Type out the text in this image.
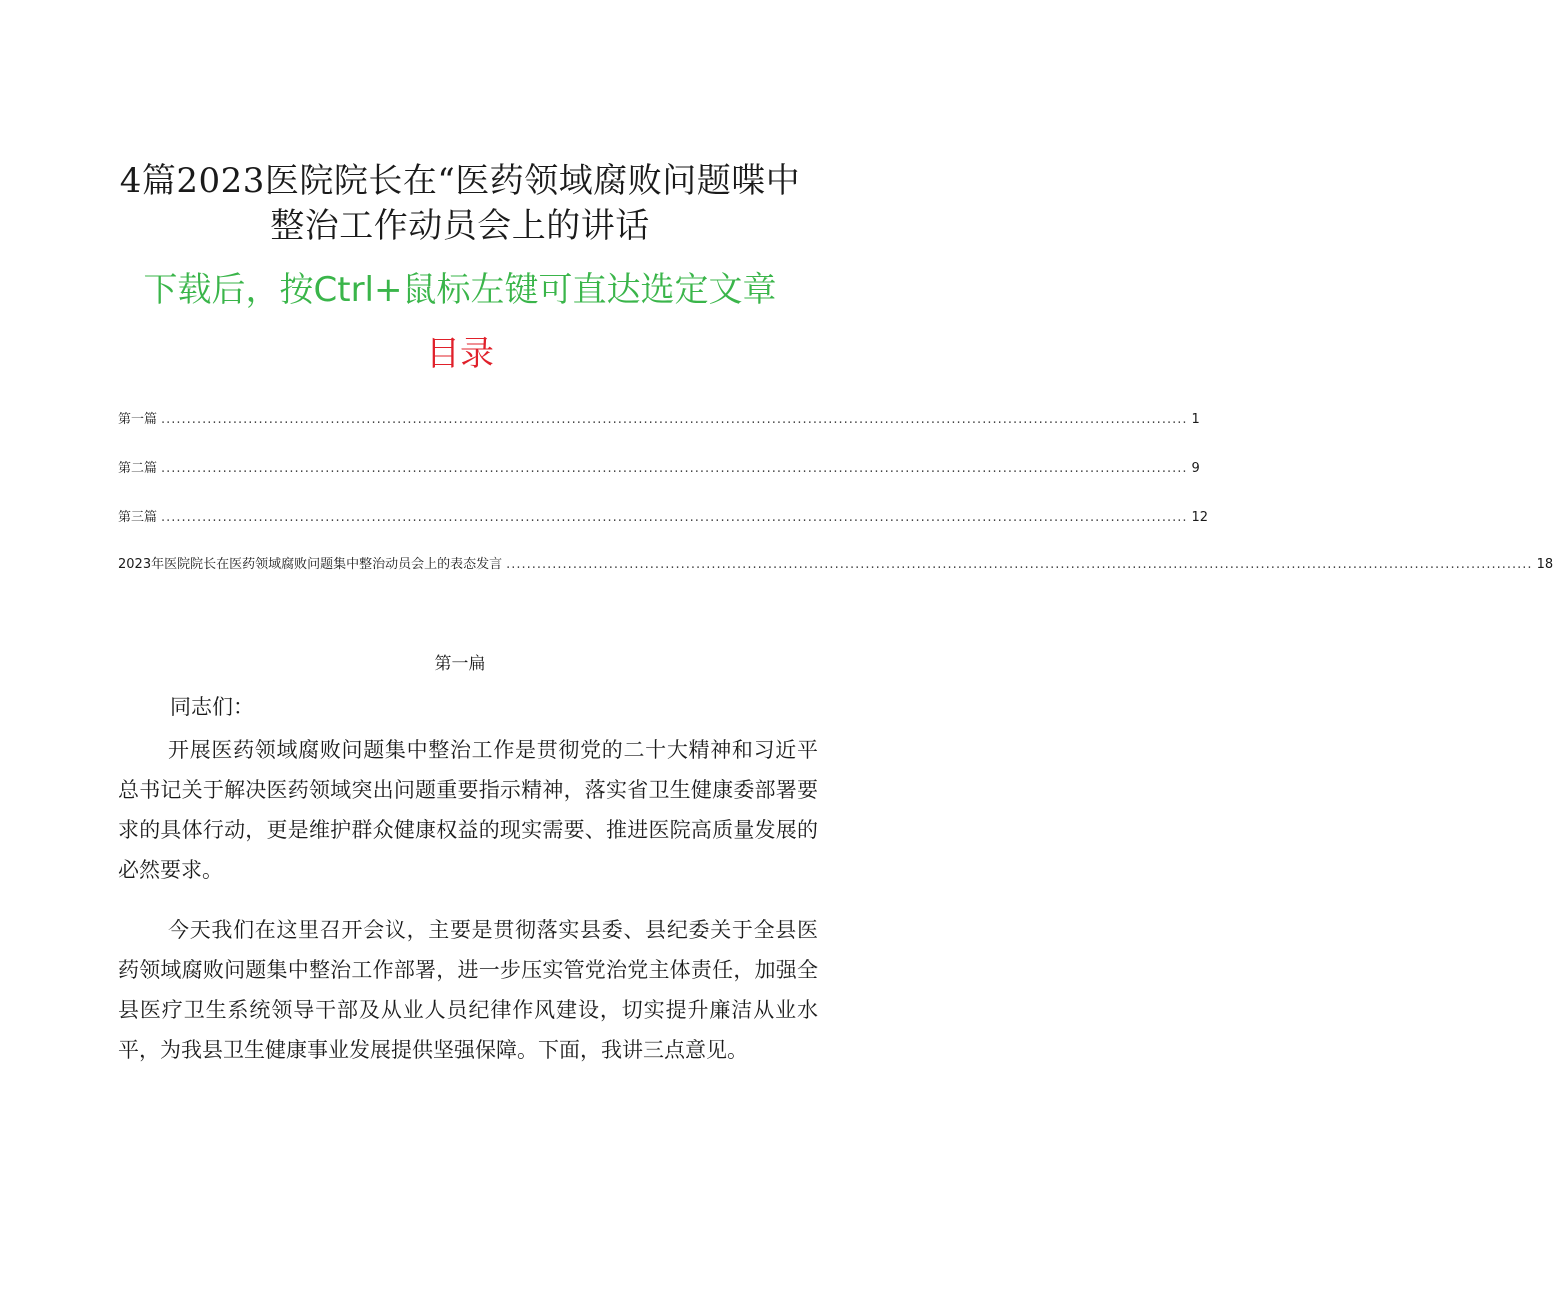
4篇2023医院院长在“医药领域腐败问题喋中
整治工作动员会上的讲话
下载后，按Ctrl+鼠标左键可直达选定文章
目录
第一篇 ........................................................................................................................................................................................................ 1
第二篇 ........................................................................................................................................................................................................ 9
第三篇 ........................................................................................................................................................................................................ 12
2023年医院院长在医药领域腐败问题集中整治动员会上的表态发言 ........................................................................................................................................................................................................ 18
第一扁
同志们：

开展医药领域腐败问题集中整治工作是贯彻党的二十大精神和习近平总书记关于解决医药领域突出问题重要指示精神，落实省卫生健康委部署要求的具体行动，更是维护群众健康权益的现实需要、推进医院高质量发展的必然要求。

今天我们在这里召开会议，主要是贯彻落实县委、县纪委关于全县医药领域腐败问题集中整治工作部署，进一步压实管党治党主体责任，加强全县医疗卫生系统领导干部及从业人员纪律作风建设，切实提升廉洁从业水平，为我县卫生健康事业发展提供坚强保障。下面，我讲三点意见。
